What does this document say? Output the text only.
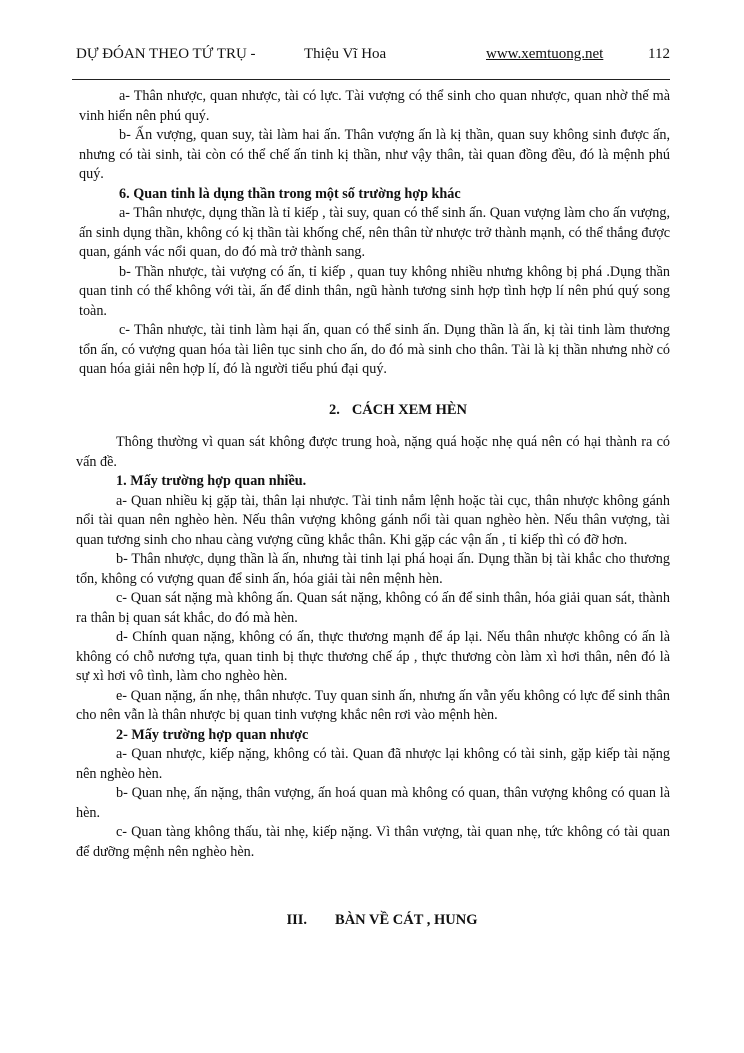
DỰ ĐÓAN THEO TỨ TRỤ -	Thiệu Vĩ Hoa	www.xemtuong.net	112

a- Thân nhược, quan nhược, tài có lực. Tài vượng có thể sinh cho quan nhược, quan nhờ thế mà vinh hiển nên phú quý.

b- Ấn vượng, quan suy, tài làm hai ấn. Thân vượng ấn là kị thần, quan suy không sinh được ấn, nhưng có tài sinh, tài còn có thể chế ấn tinh kị thần, như vậy thân, tài quan đồng đều, đó là mệnh phú quý.

6. Quan tinh là dụng thần trong một số trường hợp khác

a- Thân nhược, dụng thần là tỉ kiếp , tài suy, quan có thể sinh ấn. Quan vượng làm cho ấn vượng, ấn sinh dụng thần, không có kị thần tài khống chế, nên thân từ nhược trở thành mạnh, có thể thắng được quan, gánh vác nổi quan, do đó mà trở thành sang.

b- Thần nhược, tài vượng có ấn, tỉ kiếp , quan tuy không nhiều nhưng không bị phá .Dụng thần quan tinh có thể không với tài, ấn để dinh thân, ngũ hành tương sinh hợp tình hợp lí nên phú quý song toàn.

c- Thân nhược, tài tinh làm hại ấn, quan có thể sinh ấn. Dụng thần là ấn, kị tài tinh làm thương tổn ấn, có vượng quan hóa tài liên tục sinh cho ấn, do đó mà sinh cho thân. Tài là kị thần nhưng nhờ có quan hóa giải nên hợp lí, đó là người tiểu phú đại quý.

2. CÁCH XEM HÈN

Thông thường vì quan sát không được trung hoà, nặng quá hoặc nhẹ quá nên có hại thành ra có vấn đề.

1. Mấy trường hợp quan nhiều.

a- Quan nhiều kị gặp tài, thân lại nhược. Tài tinh nắm lệnh hoặc tài cục, thân nhược không gánh nổi tài quan nên nghèo hèn. Nếu thân vượng không gánh nổi tài quan nghèo hèn. Nếu thân vượng, tài quan tương sinh cho nhau càng vượng cũng khắc thân. Khi gặp các vận ấn , tỉ kiếp thì có đỡ hơn.

b- Thân nhược, dụng thần là ấn, nhưng tài tinh lại phá hoại ấn. Dụng thần bị tài khắc cho thương tổn, không có vượng quan để sinh ấn, hóa giải tài nên mệnh hèn.

c- Quan sát nặng mà không ấn. Quan sát nặng, không có ấn để sinh thân, hóa giải quan sát, thành ra thân bị quan sát khắc, do đó mà hèn.

d- Chính quan nặng, không có ấn, thực thương mạnh để áp lại. Nếu thân nhược không có ấn là không có chỗ nương tựa, quan tinh bị thực thương chế áp , thực thương còn làm xì hơi thân, nên đó là sự xì hơi vô tình, làm cho nghèo hèn.

e- Quan nặng, ấn nhẹ, thân nhược. Tuy quan sinh ấn, nhưng ấn vẫn yếu không có lực để sinh thân cho nên vẫn là thân nhược bị quan tinh vượng khắc nên rơi vào mệnh hèn.

2- Mấy trường hợp quan nhược

a- Quan nhược, kiếp nặng, không có tài. Quan đã nhược lại không có tài sinh, gặp kiếp tài nặng nên nghèo hèn.

b- Quan nhẹ, ấn nặng, thân vượng, ấn hoá quan mà không có quan, thân vượng không có quan là hèn.

c- Quan tàng không thấu, tài nhẹ, kiếp nặng. Vì thân vượng, tài quan nhẹ, tức không có tài quan để dưỡng mệnh nên nghèo hèn.

III. BÀN VỀ CÁT , HUNG
